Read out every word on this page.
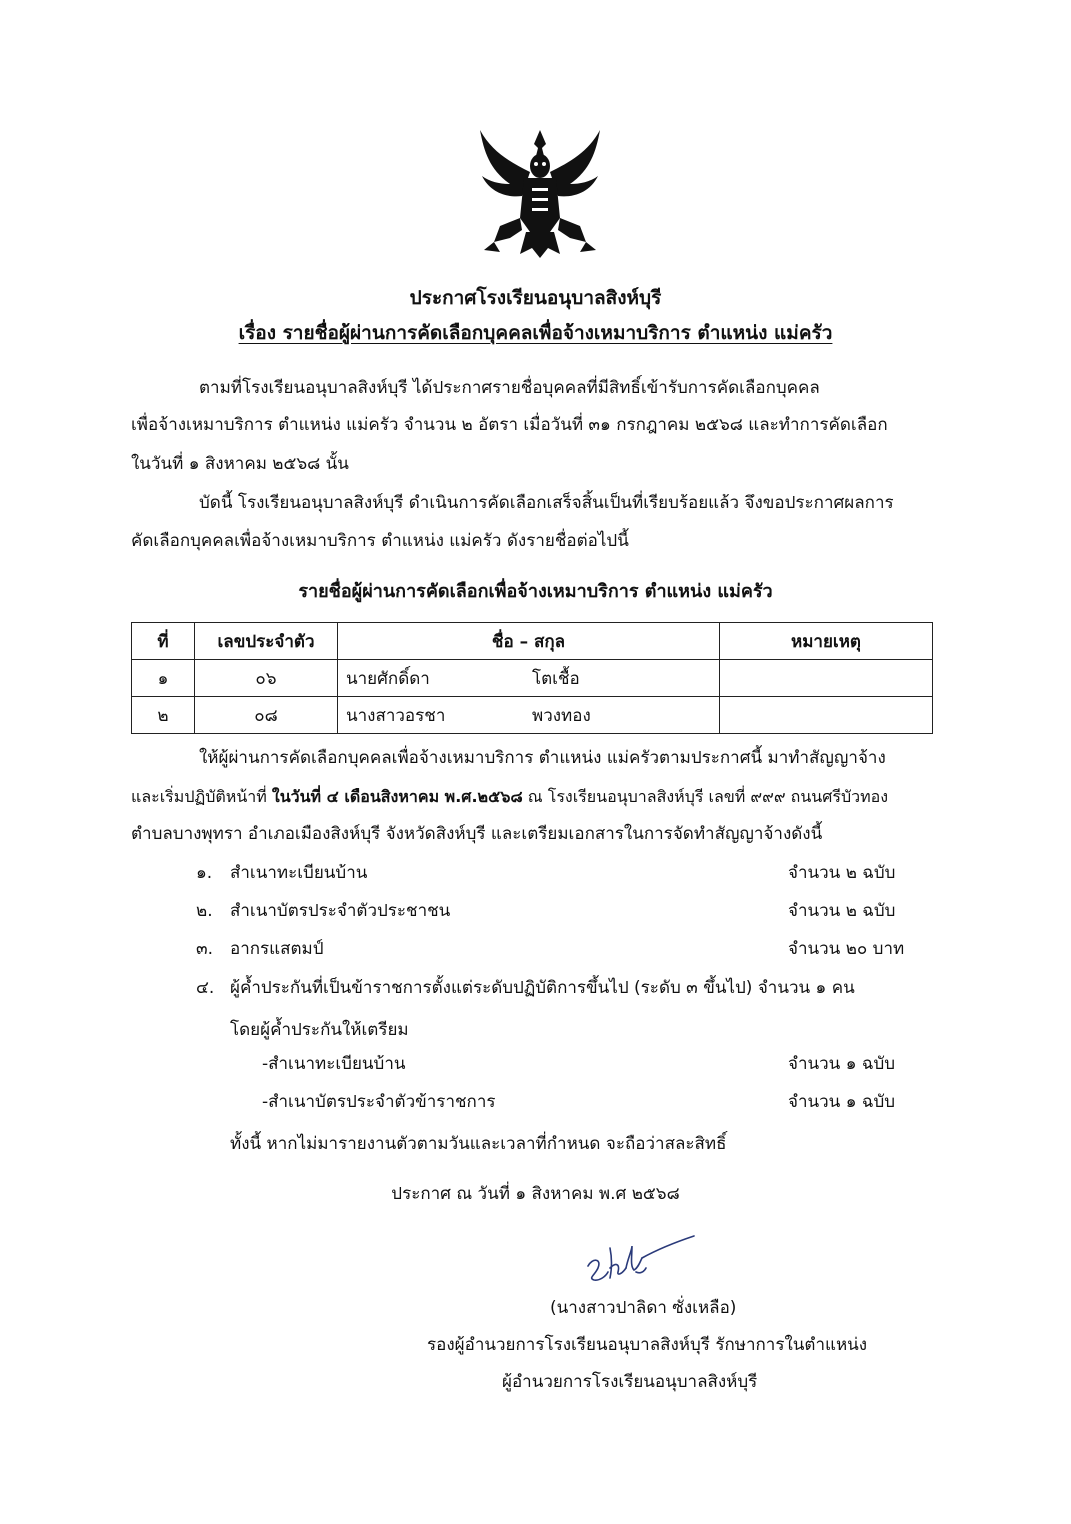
ประกาศโรงเรียนอนุบาลสิงห์บุรี
เรื่อง รายชื่อผู้ผ่านการคัดเลือกบุคคลเพื่อจ้างเหมาบริการ ตำแหน่ง แม่ครัว
ตามที่โรงเรียนอนุบาลสิงห์บุรี ได้ประกาศรายชื่อบุคคลที่มีสิทธิ์เข้ารับการคัดเลือกบุคคล
เพื่อจ้างเหมาบริการ ตำแหน่ง แม่ครัว จำนวน ๒ อัตรา เมื่อวันที่ ๓๑ กรกฎาคม ๒๕๖๘ และทำการคัดเลือก
ในวันที่ ๑ สิงหาคม ๒๕๖๘ นั้น
บัดนี้ โรงเรียนอนุบาลสิงห์บุรี ดำเนินการคัดเลือกเสร็จสิ้นเป็นที่เรียบร้อยแล้ว จึงขอประกาศผลการ
คัดเลือกบุคคลเพื่อจ้างเหมาบริการ ตำแหน่ง แม่ครัว ดังรายชื่อต่อไปนี้
รายชื่อผู้ผ่านการคัดเลือกเพื่อจ้างเหมาบริการ ตำแหน่ง แม่ครัว
ที่	เลขประจำตัว	ชื่อ – สกุล	หมายเหตุ
๑	๐๖	นายศักดิ์ดา โตเชื้อ	
๒	๐๘	นางสาวอรชา พวงทอง	
ให้ผู้ผ่านการคัดเลือกบุคคลเพื่อจ้างเหมาบริการ ตำแหน่ง แม่ครัวตามประกาศนี้ มาทำสัญญาจ้าง
และเริ่มปฏิบัติหน้าที่ ในวันที่ ๔ เดือนสิงหาคม พ.ศ.๒๕๖๘ ณ โรงเรียนอนุบาลสิงห์บุรี เลขที่ ๙๙๙ ถนนศรีบัวทอง
ตำบลบางพุทรา อำเภอเมืองสิงห์บุรี จังหวัดสิงห์บุรี และเตรียมเอกสารในการจัดทำสัญญาจ้างดังนี้
๑. สำเนาทะเบียนบ้าน	จำนวน ๒ ฉบับ
๒. สำเนาบัตรประจำตัวประชาชน	จำนวน ๒ ฉบับ
๓. อากรแสตมป์	จำนวน ๒๐ บาท
๔. ผู้ค้ำประกันที่เป็นข้าราชการตั้งแต่ระดับปฏิบัติการขึ้นไป (ระดับ ๓ ขึ้นไป) จำนวน ๑ คน
โดยผู้ค้ำประกันให้เตรียม
-สำเนาทะเบียนบ้าน	จำนวน ๑ ฉบับ
-สำเนาบัตรประจำตัวข้าราชการ	จำนวน ๑ ฉบับ
ทั้งนี้ หากไม่มารายงานตัวตามวันและเวลาที่กำหนด จะถือว่าสละสิทธิ์
ประกาศ ณ วันที่ ๑ สิงหาคม พ.ศ ๒๕๖๘
(นางสาวปาลิดา ซั่งเหลือ)
รองผู้อำนวยการโรงเรียนอนุบาลสิงห์บุรี รักษาการในตำแหน่ง
ผู้อำนวยการโรงเรียนอนุบาลสิงห์บุรี
